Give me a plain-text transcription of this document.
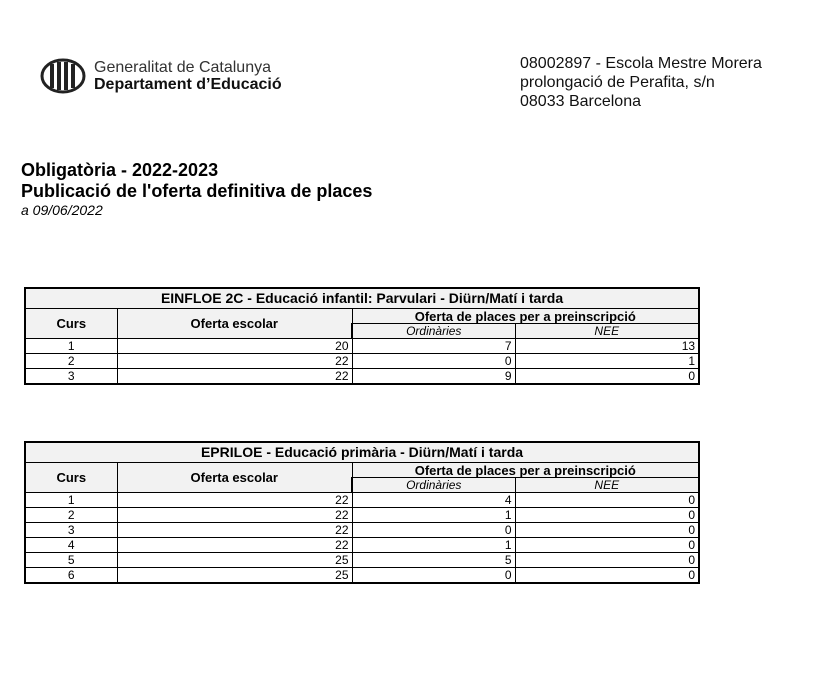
Generalitat de Catalunya
Departament d’Educació
08002897 - Escola Mestre Morera
prolongació de Perafita, s/n
08033 Barcelona
Obligatòria - 2022-2023
Publicació de l'oferta definitiva de places
a 09/06/2022
EINFLOE 2C - Educació infantil: Parvulari - Diürn/Matí i tarda			
Curs	Oferta escolar	Oferta de places per a preinscripció	
		Ordinàries	NEE
1	20	7	13
2	22	0	1
3	22	9	0
EPRILOE - Educació primària - Diürn/Matí i tarda			
Curs	Oferta escolar	Oferta de places per a preinscripció	
		Ordinàries	NEE
1	22	4	0
2	22	1	0
3	22	0	0
4	22	1	0
5	25	5	0
6	25	0	0
